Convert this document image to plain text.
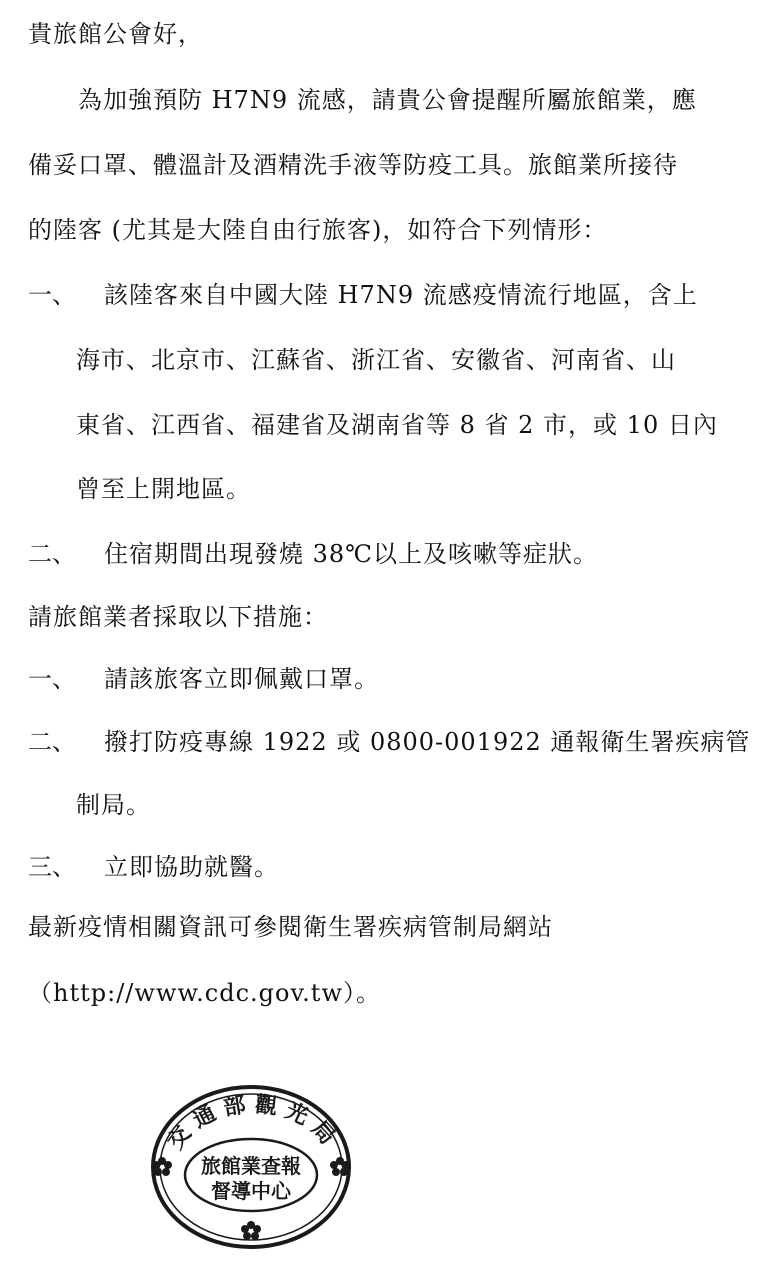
貴旅館公會好，
為加強預防 H7N9 流感，請貴公會提醒所屬旅館業，應
備妥口罩、體溫計及酒精洗手液等防疫工具。旅館業所接待
的陸客 (尤其是大陸自由行旅客)，如符合下列情形：
一、 該陸客來自中國大陸 H7N9 流感疫情流行地區，含上
海市、北京市、江蘇省、浙江省、安徽省、河南省、山
東省、江西省、福建省及湖南省等 8 省 2 市，或 10 日內
曾至上開地區。
二、 住宿期間出現發燒 38℃以上及咳嗽等症狀。
請旅館業者採取以下措施：
一、 請該旅客立即佩戴口罩。
二、 撥打防疫專線 1922 或 0800-001922 通報衛生署疾病管
制局。
三、 立即協助就醫。
最新疫情相關資訊可參閱衛生署疾病管制局網站
（http://www.cdc.gov.tw）。
交 通 部 觀 光 局
旅館業查報
督導中心
